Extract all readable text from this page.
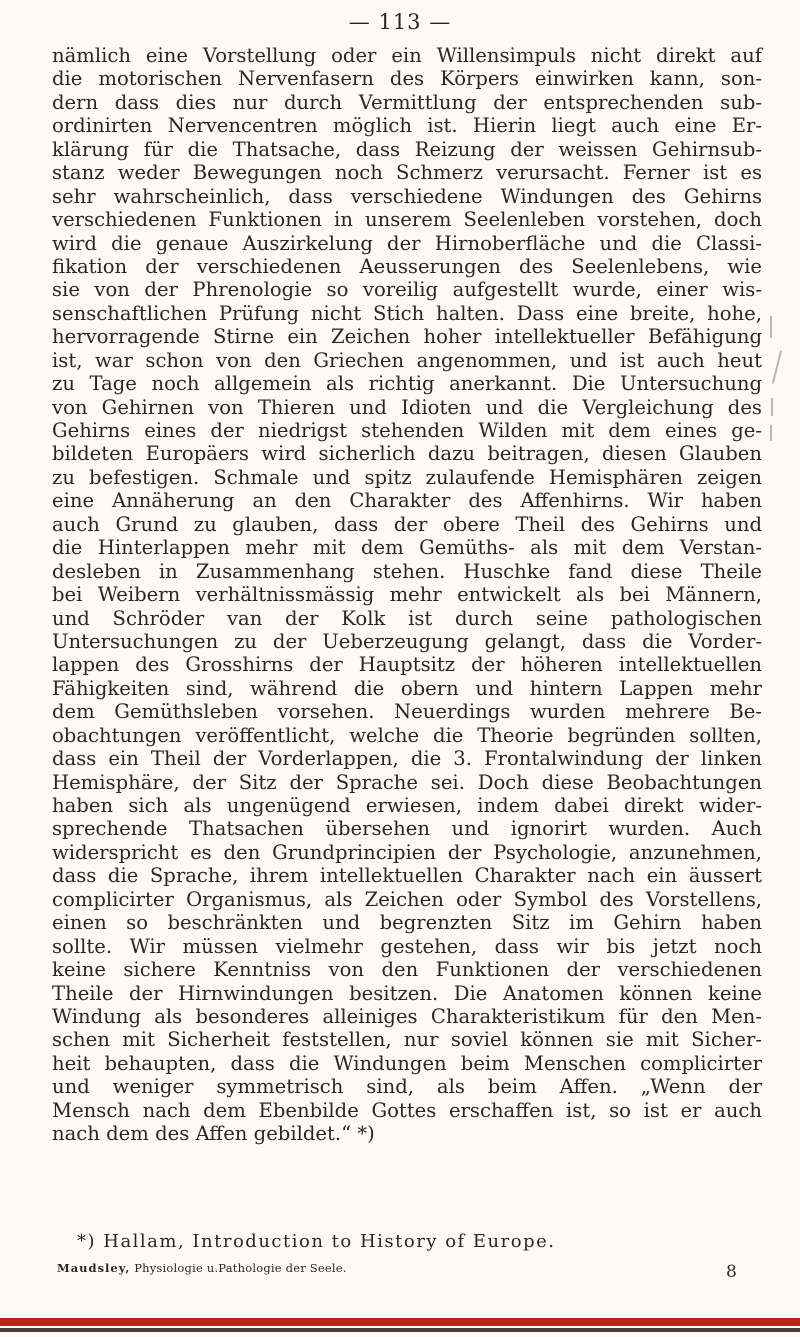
— 113 —
nämlich eine Vorstellung oder ein Willensimpuls nicht direkt auf
die motorischen Nervenfasern des Körpers einwirken kann, son-
dern dass dies nur durch Vermittlung der entsprechenden sub-
ordinirten Nervencentren möglich ist. Hierin liegt auch eine Er-
klärung für die Thatsache, dass Reizung der weissen Gehirnsub-
stanz weder Bewegungen noch Schmerz verursacht. Ferner ist es
sehr wahrscheinlich, dass verschiedene Windungen des Gehirns
verschiedenen Funktionen in unserem Seelenleben vorstehen, doch
wird die genaue Auszirkelung der Hirnoberfläche und die Classi-
fikation der verschiedenen Aeusserungen des Seelenlebens, wie
sie von der Phrenologie so voreilig aufgestellt wurde, einer wis-
senschaftlichen Prüfung nicht Stich halten. Dass eine breite, hohe,
hervorragende Stirne ein Zeichen hoher intellektueller Befähigung
ist, war schon von den Griechen angenommen, und ist auch heut
zu Tage noch allgemein als richtig anerkannt. Die Untersuchung
von Gehirnen von Thieren und Idioten und die Vergleichung des
Gehirns eines der niedrigst stehenden Wilden mit dem eines ge-
bildeten Europäers wird sicherlich dazu beitragen, diesen Glauben
zu befestigen. Schmale und spitz zulaufende Hemisphären zeigen
eine Annäherung an den Charakter des Affenhirns. Wir haben
auch Grund zu glauben, dass der obere Theil des Gehirns und
die Hinterlappen mehr mit dem Gemüths- als mit dem Verstan-
desleben in Zusammenhang stehen. Huschke fand diese Theile
bei Weibern verhältnissmässig mehr entwickelt als bei Männern,
und Schröder van der Kolk ist durch seine pathologischen
Untersuchungen zu der Ueberzeugung gelangt, dass die Vorder-
lappen des Grosshirns der Hauptsitz der höheren intellektuellen
Fähigkeiten sind, während die obern und hintern Lappen mehr
dem Gemüthsleben vorsehen. Neuerdings wurden mehrere Be-
obachtungen veröffentlicht, welche die Theorie begründen sollten,
dass ein Theil der Vorderlappen, die 3. Frontalwindung der linken
Hemisphäre, der Sitz der Sprache sei. Doch diese Beobachtungen
haben sich als ungenügend erwiesen, indem dabei direkt wider-
sprechende Thatsachen übersehen und ignorirt wurden. Auch
widerspricht es den Grundprincipien der Psychologie, anzunehmen,
dass die Sprache, ihrem intellektuellen Charakter nach ein äussert
complicirter Organismus, als Zeichen oder Symbol des Vorstellens,
einen so beschränkten und begrenzten Sitz im Gehirn haben
sollte. Wir müssen vielmehr gestehen, dass wir bis jetzt noch
keine sichere Kenntniss von den Funktionen der verschiedenen
Theile der Hirnwindungen besitzen. Die Anatomen können keine
Windung als besonderes alleiniges Charakteristikum für den Men-
schen mit Sicherheit feststellen, nur soviel können sie mit Sicher-
heit behaupten, dass die Windungen beim Menschen complicirter
und weniger symmetrisch sind, als beim Affen. „Wenn der
Mensch nach dem Ebenbilde Gottes erschaffen ist, so ist er auch
nach dem des Affen gebildet.“ *)
*) Hallam, Introduction to History of Europe.
Maudsley, Physiologie u.Pathologie der Seele.	8
